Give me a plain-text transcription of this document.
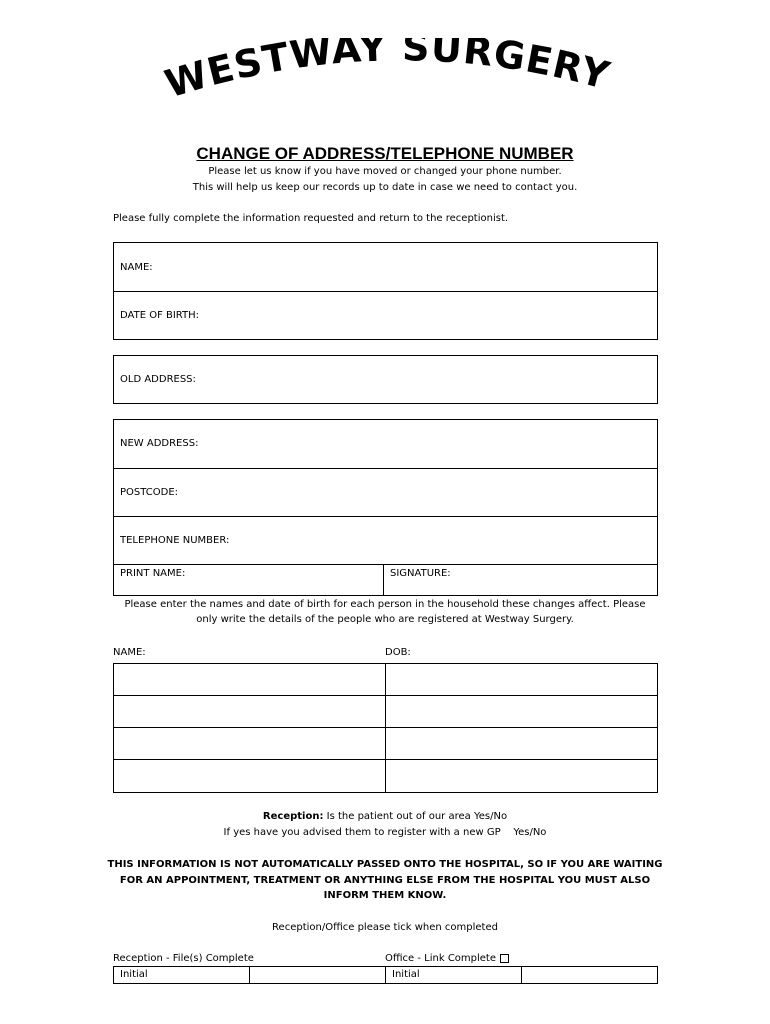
WESTWAY SURGERY
CHANGE OF ADDRESS/TELEPHONE NUMBER
Please let us know if you have moved or changed your phone number.
This will help us keep our records up to date in case we need to contact you.
Please fully complete the information requested and return to the receptionist.
NAME:
DATE OF BIRTH:
OLD ADDRESS:
NEW ADDRESS:
POSTCODE:
TELEPHONE NUMBER:
PRINT NAME:	SIGNATURE:
Please enter the names and date of birth for each person in the household these changes affect. Please
only write the details of the people who are registered at Westway Surgery.
NAME:	DOB:
Reception: Is the patient out of our area Yes/No
If yes have you advised them to register with a new GP    Yes/No
THIS INFORMATION IS NOT AUTOMATICALLY PASSED ONTO THE HOSPITAL, SO IF YOU ARE WAITING
FOR AN APPOINTMENT, TREATMENT OR ANYTHING ELSE FROM THE HOSPITAL YOU MUST ALSO
INFORM THEM KNOW.
Reception/Office please tick when completed
Reception - File(s) Complete	Office - Link Complete
Initial	Initial
